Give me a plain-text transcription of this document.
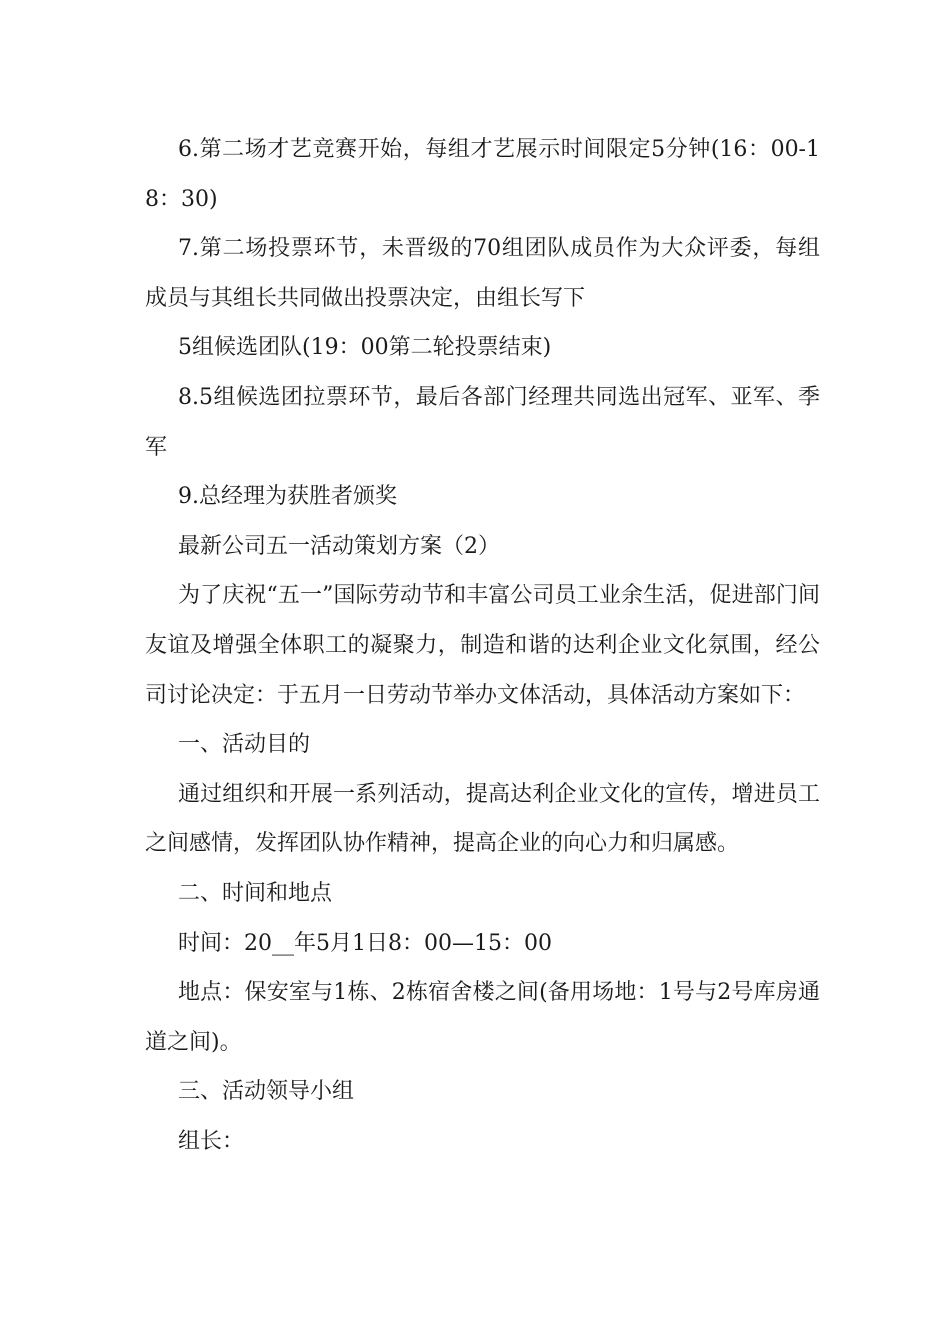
6.第二场才艺竞赛开始，每组才艺展示时间限定5分钟(16：00-18：30)

7.第二场投票环节，未晋级的70组团队成员作为大众评委，每组成员与其组长共同做出投票决定，由组长写下

5组候选团队(19：00第二轮投票结束)

8.5组候选团拉票环节，最后各部门经理共同选出冠军、亚军、季军

9.总经理为获胜者颁奖

最新公司五一活动策划方案（2）

为了庆祝“五一”国际劳动节和丰富公司员工业余生活，促进部门间友谊及增强全体职工的凝聚力，制造和谐的达利企业文化氛围，经公司讨论决定：于五月一日劳动节举办文体活动，具体活动方案如下：

一、活动目的

通过组织和开展一系列活动，提高达利企业文化的宣传，增进员工之间感情，发挥团队协作精神，提高企业的向心力和归属感。

二、时间和地点

时间：20__年5月1日8：00—15：00

地点：保安室与1栋、2栋宿舍楼之间(备用场地：1号与2号库房通道之间)。

三、活动领导小组

组长：
